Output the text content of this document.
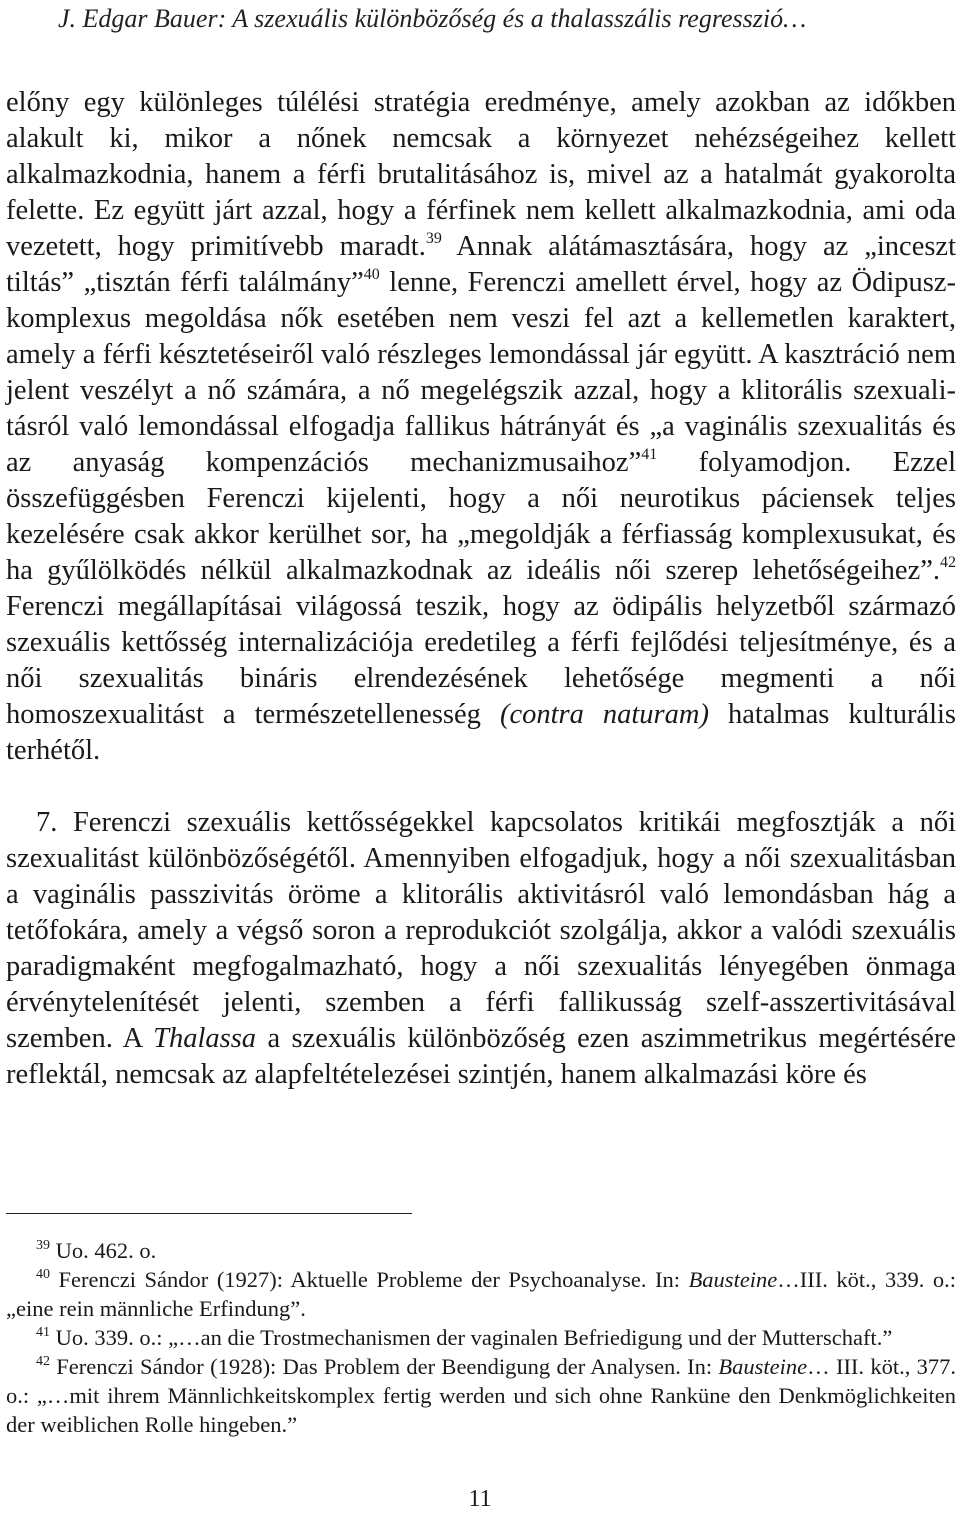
J. Edgar Bauer: A szexuális különbözőség és a thalasszális regresszió…

előny egy különleges túlélési stratégia eredménye, amely azokban az időkben alakult ki, mikor a nőnek nemcsak a környezet nehézségeihez kellett alkalmazkodnia, hanem a férfi brutalitásához is, mivel az a hatalmát gyakorolta felette. Ez együtt járt azzal, hogy a férfinek nem kellett alkalmazkodnia, ami oda vezetett, hogy primitívebb maradt.$^{39}$ Annak alátámasztására, hogy az „inceszt tiltás” „tisztán férfi találmány”$^{40}$ lenne, Ferenczi amellett érvel, hogy az Ödipusz-komplexus megoldása nők esetében nem veszi fel azt a kellemetlen karaktert, amely a férfi késztetéseiről való részleges lemondással jár együtt. A kasztráció nem jelent veszélyt a nő számára, a nő megelégszik azzal, hogy a klitorális szexualitásról való lemondással elfogadja fallikus hátrányát és „a vaginális szexualitás és az anyaság kompenzációs mechanizmusaihoz”$^{41}$ folyamodjon. Ezzel összefüggésben Ferenczi kijelenti, hogy a női neurotikus páciensek teljes kezelésére csak akkor kerülhet sor, ha „megoldják a férfiasság komplexusukat, és ha gyűlölködés nélkül alkalmazkodnak az ideális női szerep lehetőségeihez”.$^{42}$ Ferenczi megállapításai világossá teszik, hogy az ödipális helyzetből származó szexuális kettősség internalizációja eredetileg a férfi fejlődési teljesítménye, és a női szexualitás bináris elrendezésének lehetősége megmenti a női homoszexualitást a természetellenesség (contra naturam) hatalmas kulturális terhétől.

7. Ferenczi szexuális kettősségekkel kapcsolatos kritikái megfosztják a női szexualitást különbözőségétől. Amennyiben elfogadjuk, hogy a női szexualitásban a vaginális passzivitás öröme a klitorális aktivitásról való lemondásban hág a tetőfokára, amely a végső soron a reprodukciót szolgálja, akkor a valódi szexuális paradigmaként megfogalmazható, hogy a női szexualitás lényegében önmaga érvénytelenítését jelenti, szemben a férfi fallikusság szelf-asszertivitásával szemben. A Thalassa a szexuális különbözőség ezen aszimmetrikus megértésére reflektál, nemcsak az alapfeltételezései szintjén, hanem alkalmazási köre és

$^{39}$ Uo. 462. o.

$^{40}$ Ferenczi Sándor (1927): Aktuelle Probleme der Psychoanalyse. In: Bausteine…III. köt., 339. o.: „eine rein männliche Erfindung”.

$^{41}$ Uo. 339. o.: „…an die Trostmechanismen der vaginalen Befriedigung und der Mutterschaft.”

$^{42}$ Ferenczi Sándor (1928): Das Problem der Beendigung der Analysen. In: Bausteine… III. köt., 377. o.: „…mit ihrem Männlichkeitskomplex fertig werden und sich ohne Ranküne den Denkmöglichkeiten der weiblichen Rolle hingeben.”

11
